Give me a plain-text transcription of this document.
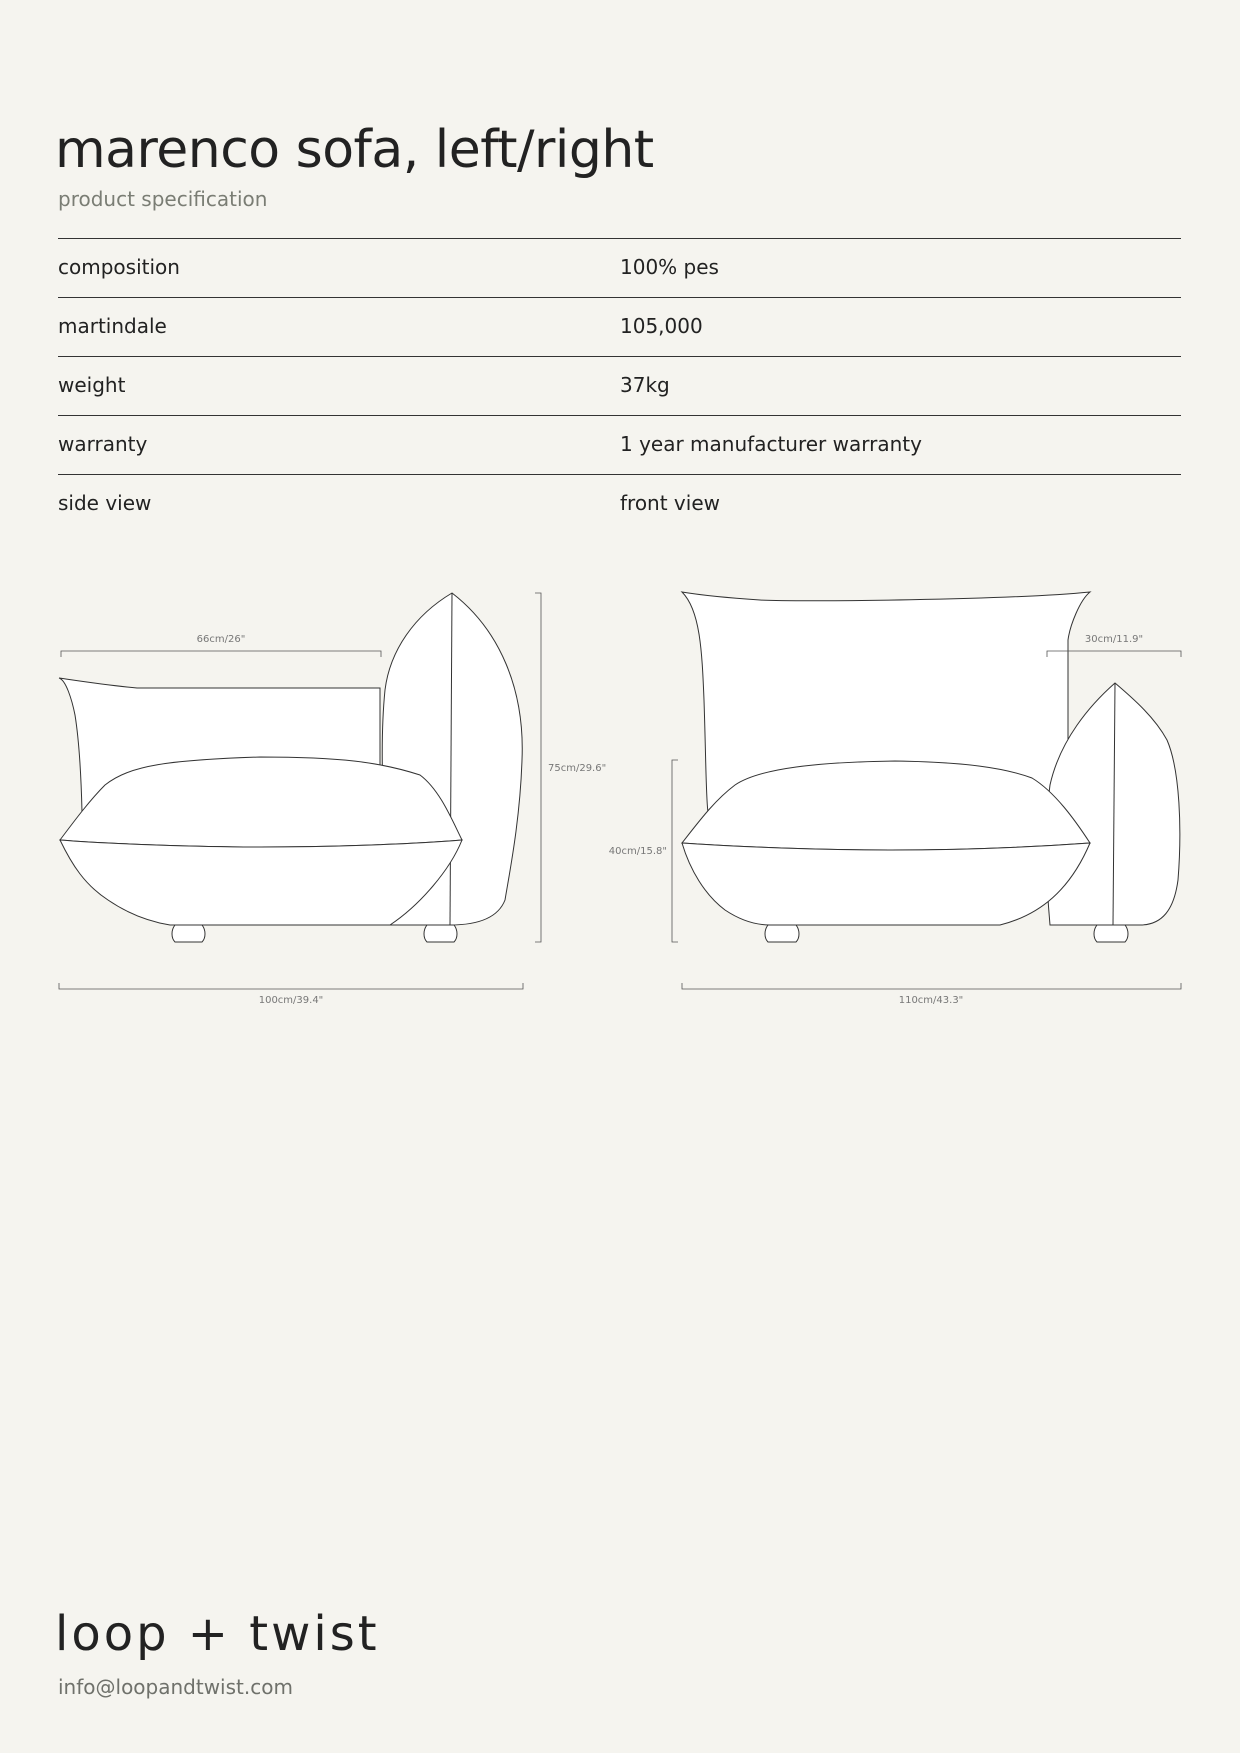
marenco sofa, left/right

product specification

composition	100% pes
martindale	105,000
weight	37kg
warranty	1 year manufacturer warranty
side view	front view
66cm/26"
75cm/29.6"
100cm/39.4"
30cm/11.9"
40cm/15.8"
110cm/43.3"

loop + twist

info@loopandtwist.com
